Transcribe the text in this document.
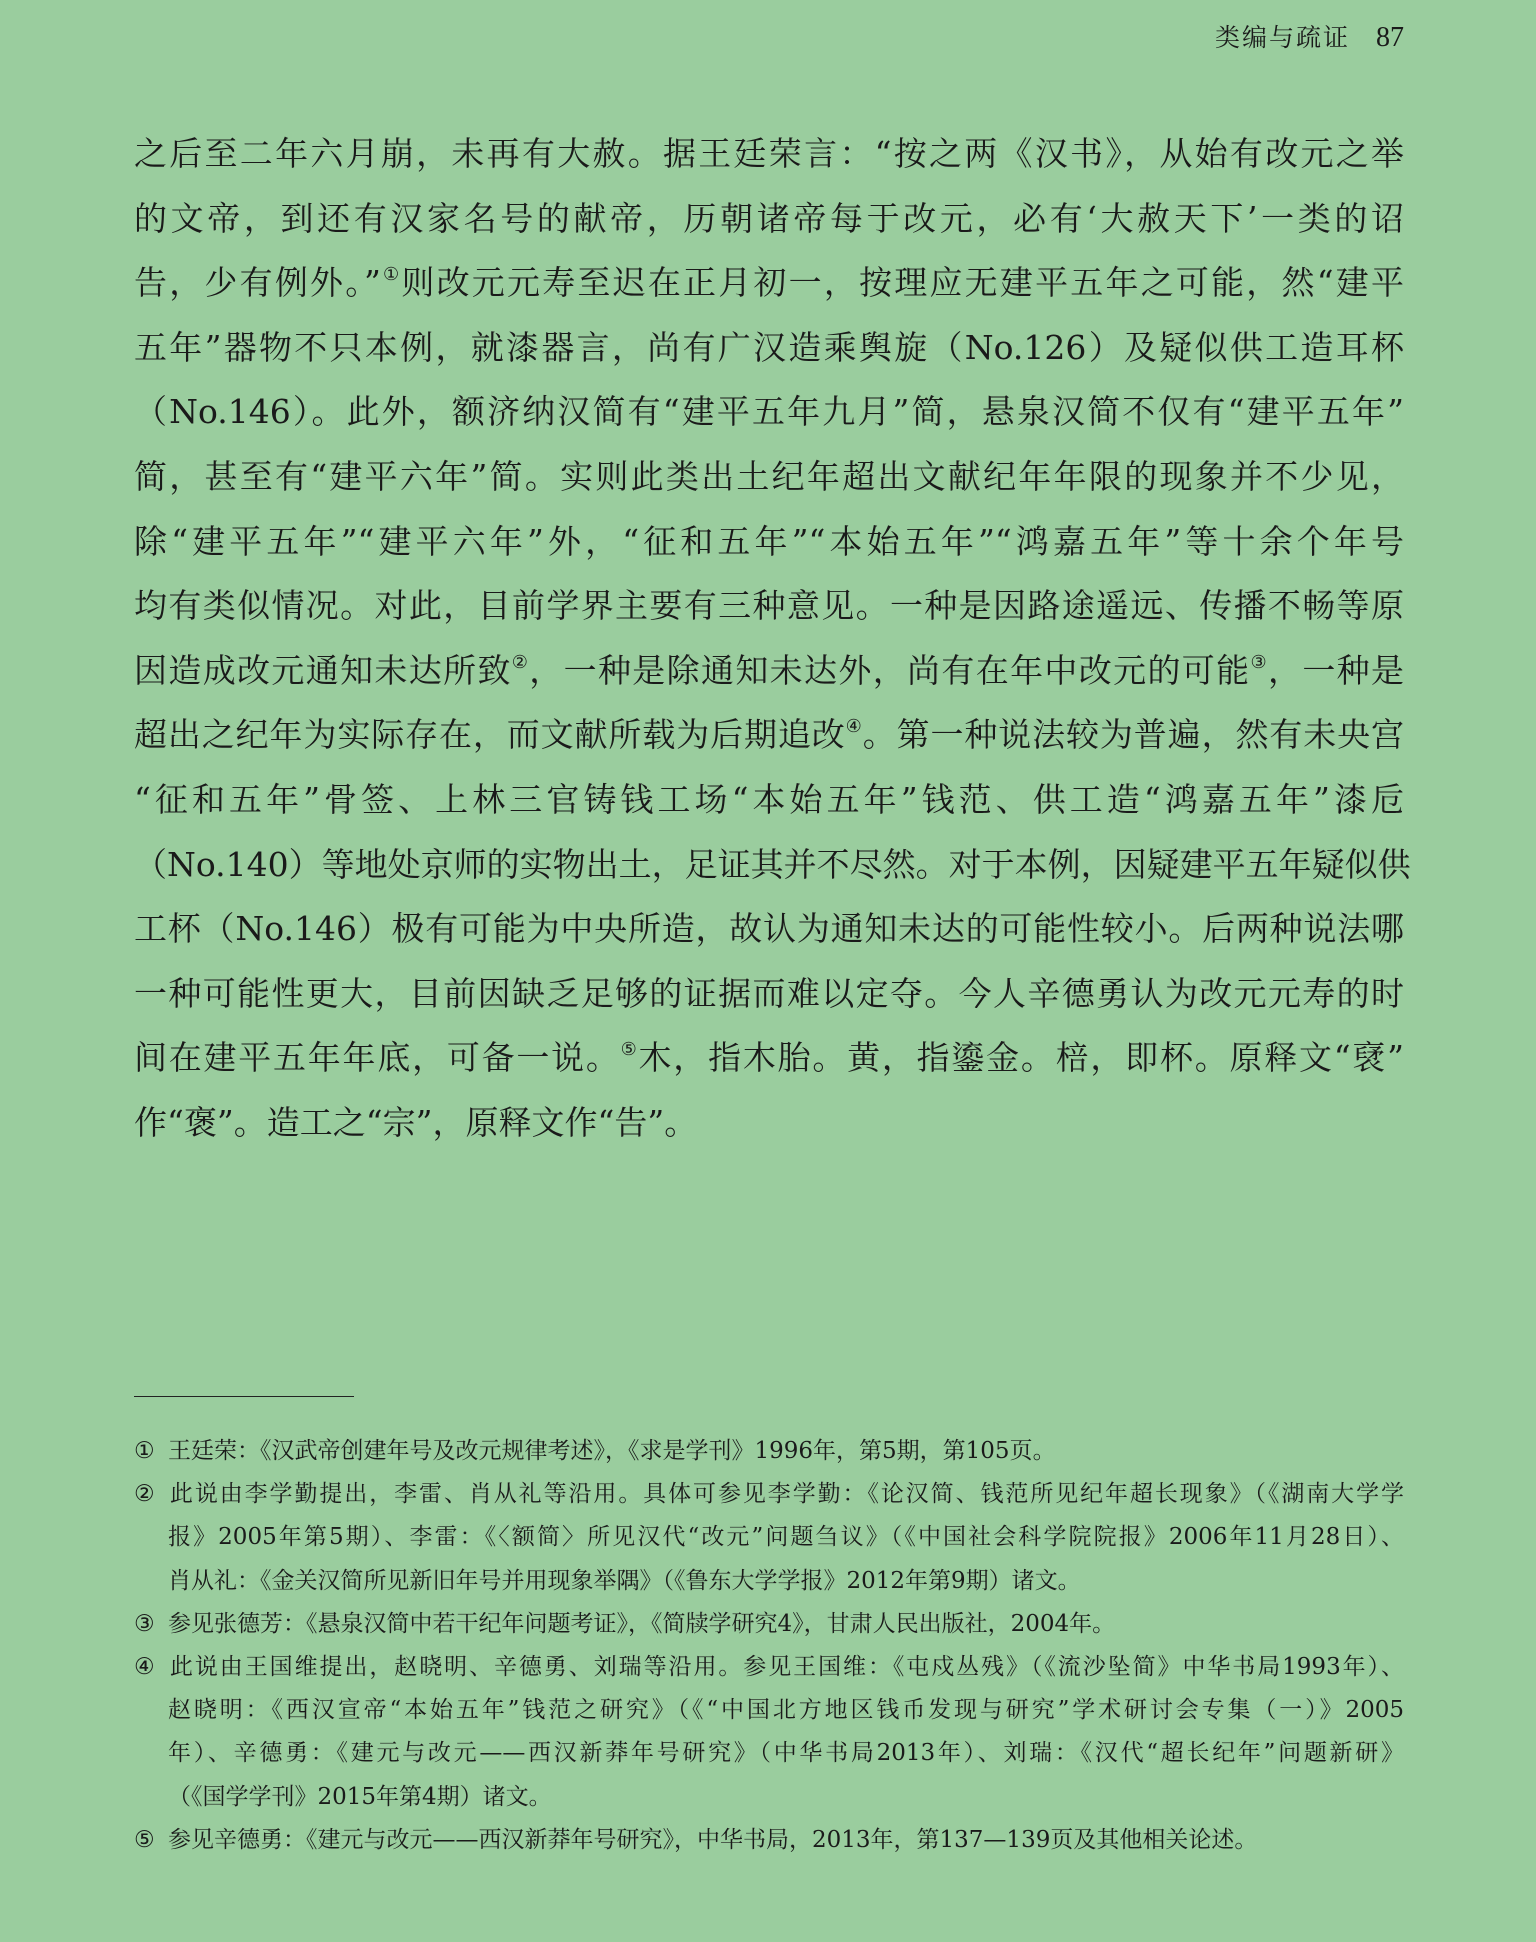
类编与疏证 87
之后至二年六月崩，未再有大赦。据王廷荣言：“按之两《汉书》，从始有改元之举
的文帝，到还有汉家名号的献帝，历朝诸帝每于改元，必有‘大赦天下’一类的诏
告，少有例外。”①则改元元寿至迟在正月初一，按理应无建平五年之可能，然“建平
五年”器物不只本例，就漆器言，尚有广汉造乘舆旋（No.126）及疑似供工造耳杯
（No.146）。此外，额济纳汉简有“建平五年九月”简，悬泉汉简不仅有“建平五年”
简，甚至有“建平六年”简。实则此类出土纪年超出文献纪年年限的现象并不少见，
除“建平五年”“建平六年”外，“征和五年”“本始五年”“鸿嘉五年”等十余个年号
均有类似情况。对此，目前学界主要有三种意见。一种是因路途遥远、传播不畅等原
因造成改元通知未达所致②，一种是除通知未达外，尚有在年中改元的可能③，一种是
超出之纪年为实际存在，而文献所载为后期追改④。第一种说法较为普遍，然有未央宫
“征和五年”骨签、上林三官铸钱工场“本始五年”钱范、供工造“鸿嘉五年”漆卮
（No.140）等地处京师的实物出土，足证其并不尽然。对于本例，因疑建平五年疑似供
工杯（No.146）极有可能为中央所造，故认为通知未达的可能性较小。后两种说法哪
一种可能性更大，目前因缺乏足够的证据而难以定夺。今人辛德勇认为改元元寿的时
间在建平五年年底，可备一说。⑤木，指木胎。黄，指鎏金。棓，即杯。原释文“裦”
作“褒”。造工之“宗”，原释文作“告”。
① 王廷荣：《汉武帝创建年号及改元规律考述》，《求是学刊》1996年，第5期，第105页。
② 此说由李学勤提出，李雷、肖从礼等沿用。具体可参见李学勤：《论汉简、钱范所见纪年超长现象》（《湖南大学学
报》2005年第5期）、李雷：《〈额简〉所见汉代“改元”问题刍议》（《中国社会科学院院报》2006年11月28日）、
肖从礼：《金关汉简所见新旧年号并用现象举隅》（《鲁东大学学报》2012年第9期）诸文。
③ 参见张德芳：《悬泉汉简中若干纪年问题考证》，《简牍学研究4》，甘肃人民出版社，2004年。
④ 此说由王国维提出，赵晓明、辛德勇、刘瑞等沿用。参见王国维：《屯戍丛残》（《流沙坠简》中华书局1993年）、
赵晓明：《西汉宣帝“本始五年”钱范之研究》（《“中国北方地区钱币发现与研究”学术研讨会专集（一）》2005
年）、辛德勇：《建元与改元——西汉新莽年号研究》（中华书局2013年）、刘瑞：《汉代“超长纪年”问题新研》
（《国学学刊》2015年第4期）诸文。
⑤ 参见辛德勇：《建元与改元——西汉新莽年号研究》，中华书局，2013年，第137—139页及其他相关论述。
